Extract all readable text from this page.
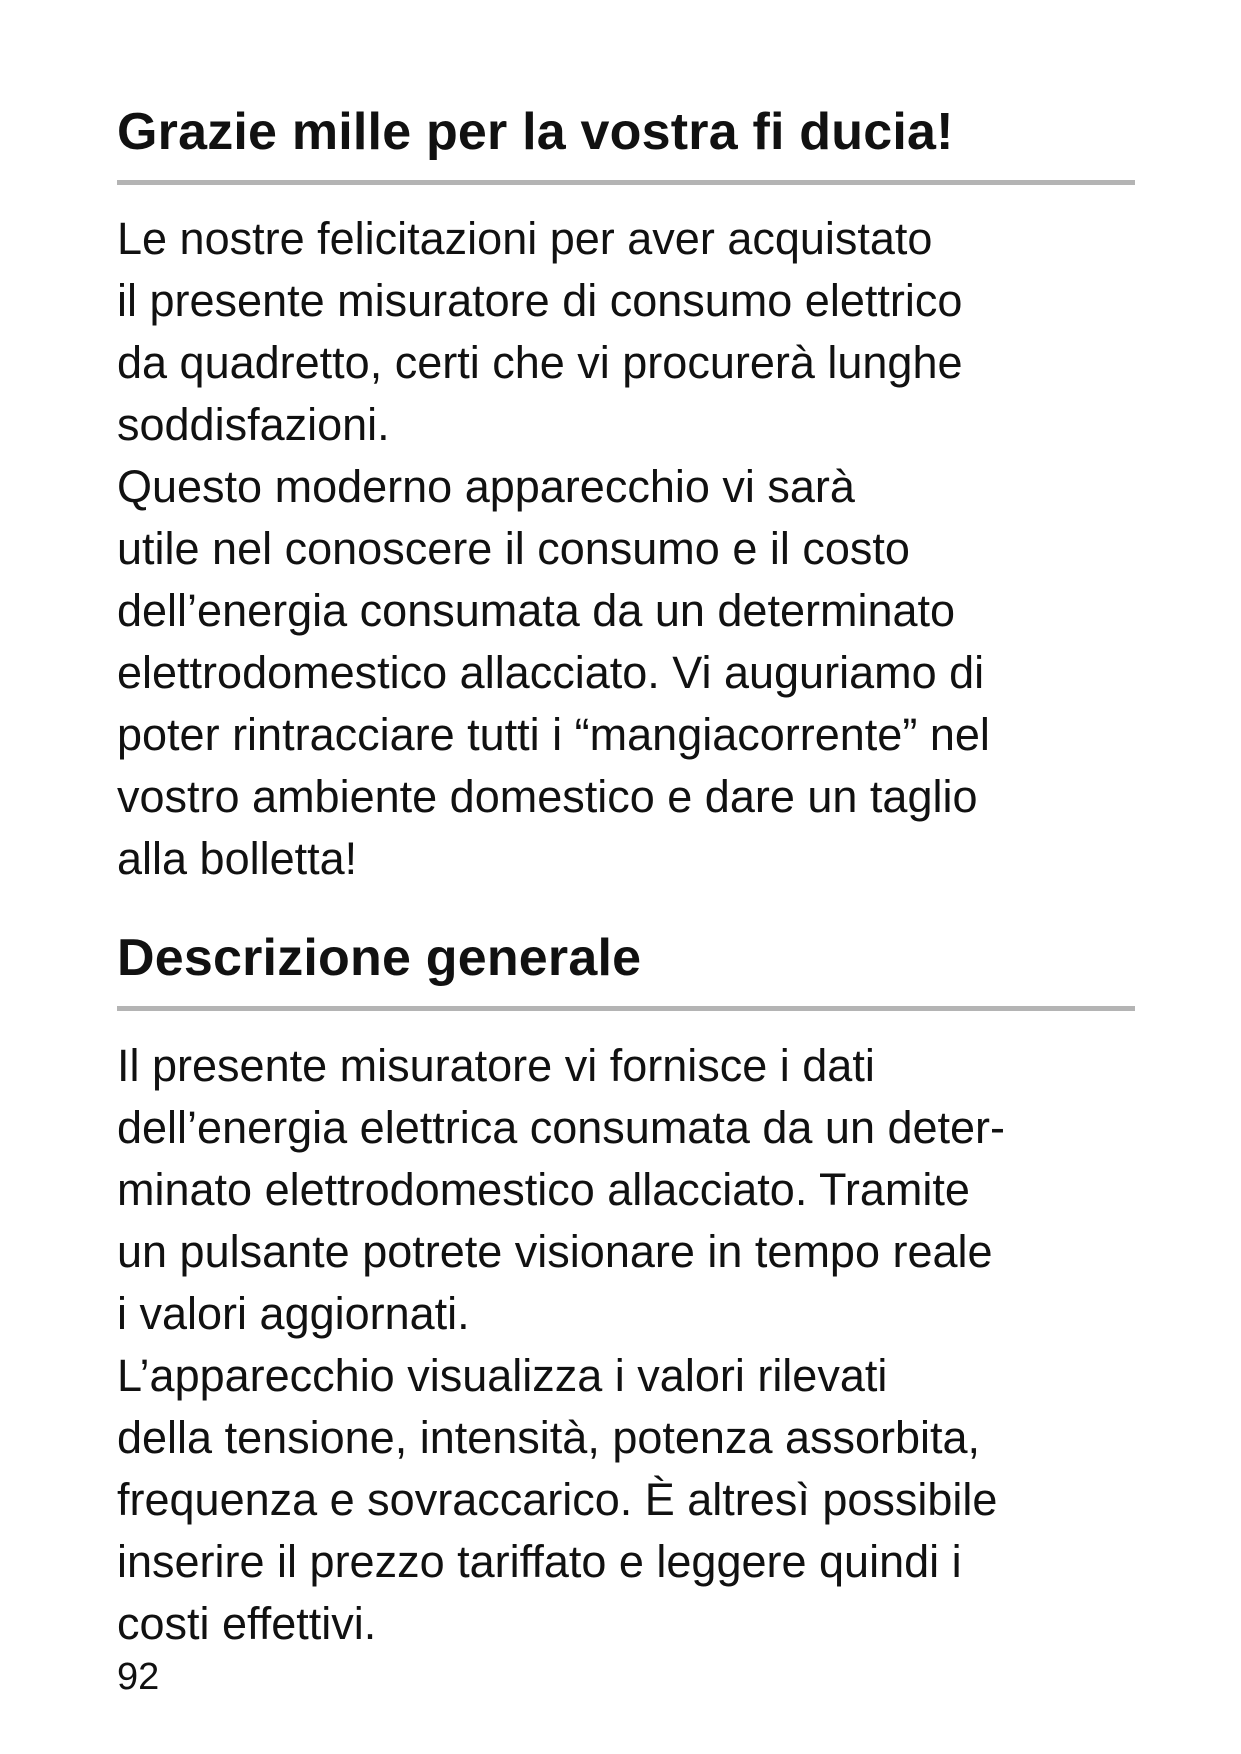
Grazie mille per la vostra fi ducia!

Le nostre felicitazioni per aver acquistato
il presente misuratore di consumo elettrico
da quadretto, certi che vi procurerà lunghe
soddisfazioni.

Questo moderno apparecchio vi sarà
utile nel conoscere il consumo e il costo
dell’energia consumata da un determinato
elettrodomestico allacciato. Vi auguriamo di
poter rintracciare tutti i “mangiacorrente” nel
vostro ambiente domestico e dare un taglio
alla bolletta!

Descrizione generale

Il presente misuratore vi fornisce i dati
dell’energia elettrica consumata da un deter-
minato elettrodomestico allacciato. Tramite
un pulsante potrete visionare in tempo reale
i valori aggiornati.

L’apparecchio visualizza i valori rilevati
della tensione, intensità, potenza assorbita,
frequenza e sovraccarico. È altresì possibile
inserire il prezzo tariffato e leggere quindi i
costi effettivi.

92
